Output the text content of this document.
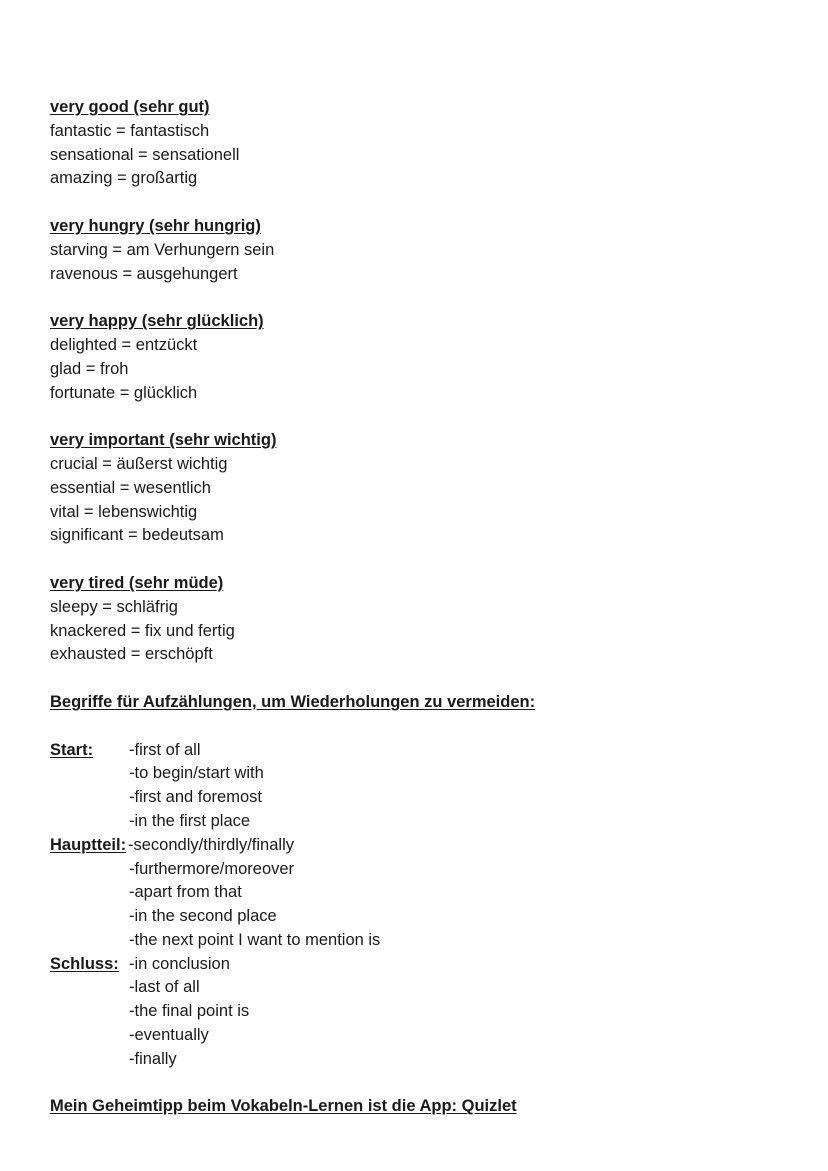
very good (sehr gut)
fantastic = fantastisch
sensational = sensationell
amazing = großartig
very hungry (sehr hungrig)
starving = am Verhungern sein
ravenous = ausgehungert
very happy (sehr glücklich)
delighted = entzückt
glad = froh
fortunate = glücklich
very important (sehr wichtig)
crucial = äußerst wichtig
essential = wesentlich
vital = lebenswichtig
significant = bedeutsam
very tired (sehr müde)
sleepy = schläfrig
knackered = fix und fertig
exhausted = erschöpft
Begriffe für Aufzählungen, um Wiederholungen zu vermeiden:
Start:	-first of all
-to begin/start with
-first and foremost
-in the first place
Hauptteil: -secondly/thirdly/finally
-furthermore/moreover
-apart from that
-in the second place
-the next point I want to mention is
Schluss: -in conclusion
-last of all
-the final point is
-eventually
-finally
Mein Geheimtipp beim Vokabeln-Lernen ist die App: Quizlet
